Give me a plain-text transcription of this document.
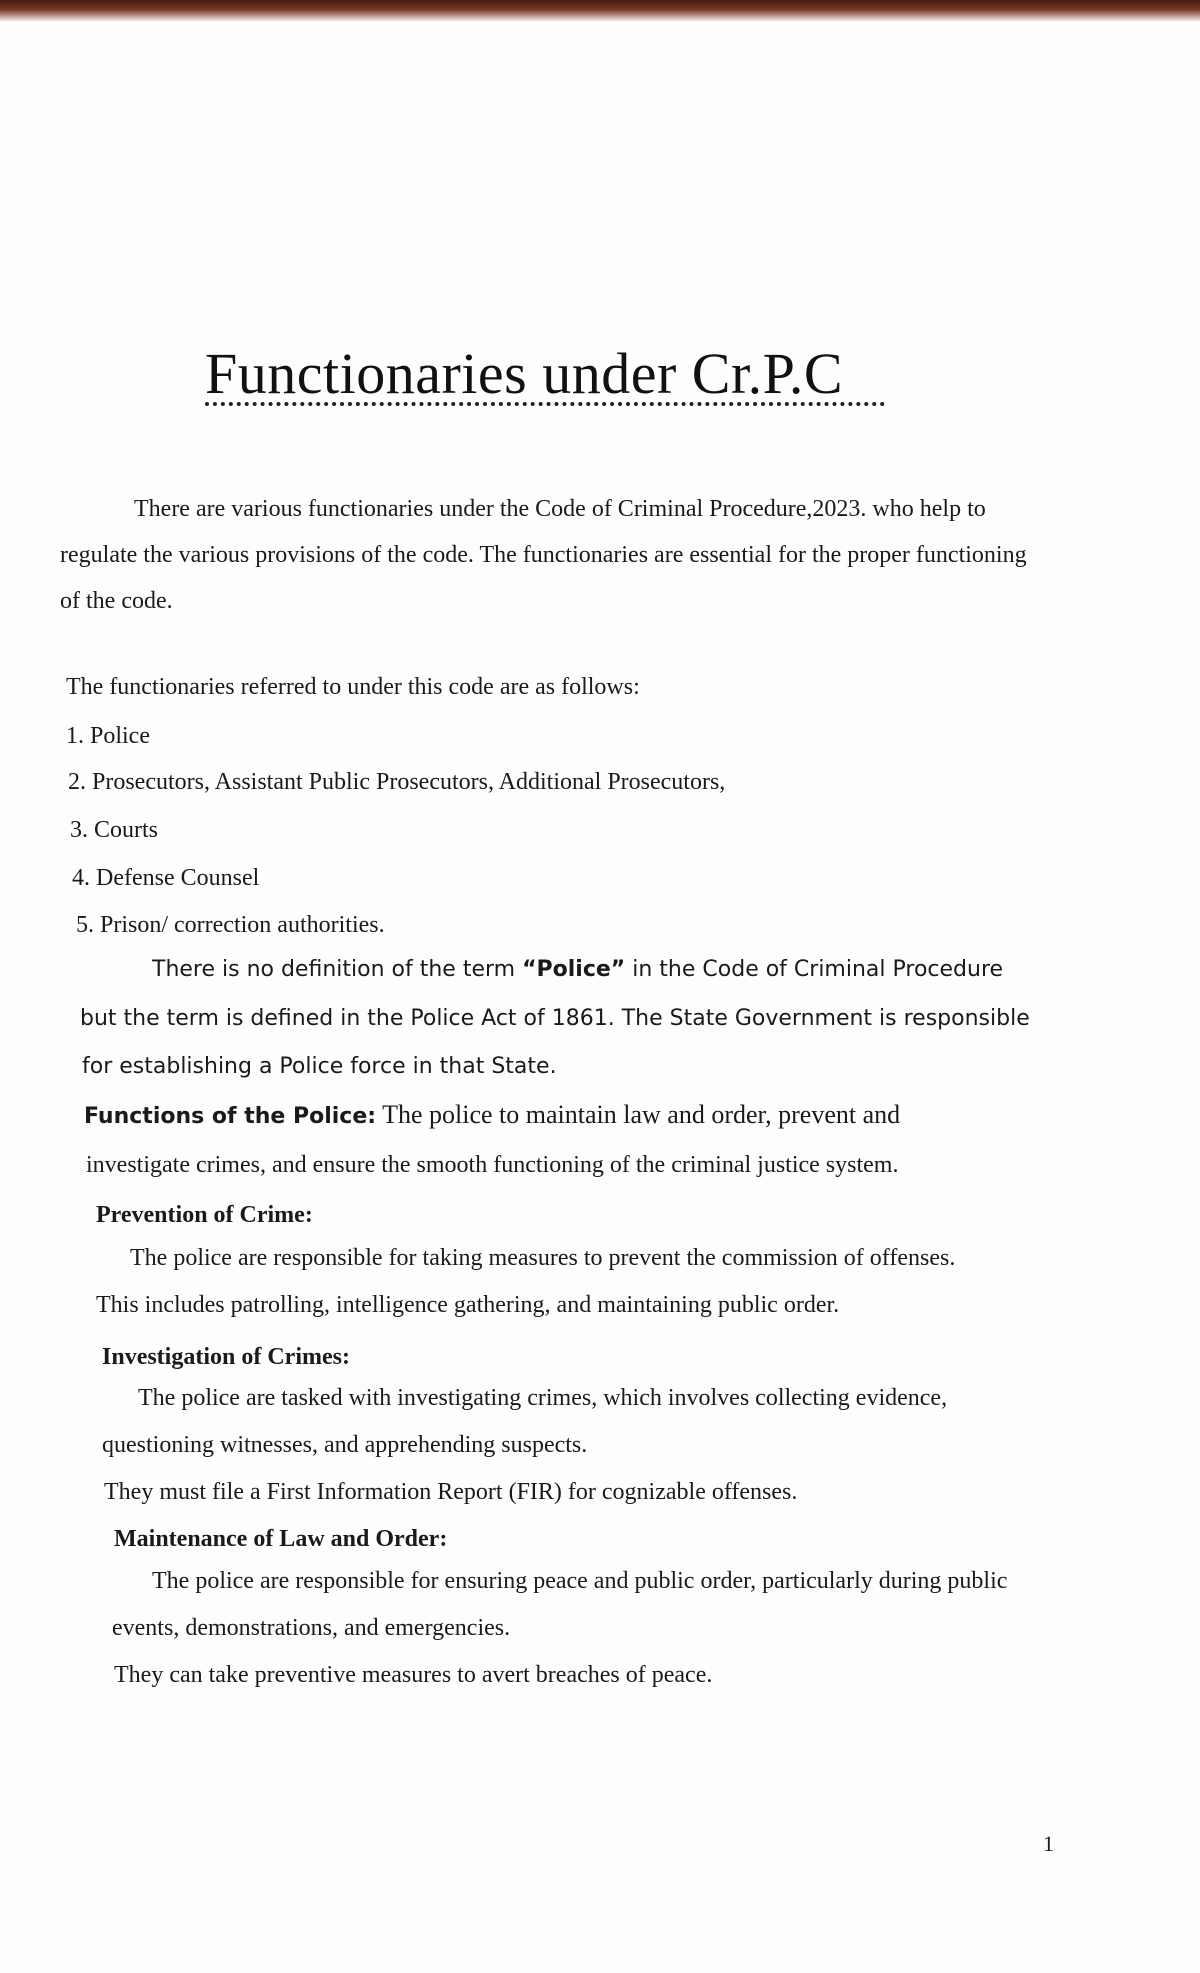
Functionaries under Cr.P.C

There are various functionaries under the Code of Criminal Procedure,2023. who help to regulate the various provisions of the code. The functionaries are essential for the proper functioning of the code.

The functionaries referred to under this code are as follows:

1. Police

2. Prosecutors, Assistant Public Prosecutors, Additional Prosecutors,

3. Courts

4. Defense Counsel

5. Prison/ correction authorities.

There is no definition of the term “Police” in the Code of Criminal Procedure

but the term is defined in the Police Act of 1861. The State Government is responsible

for establishing a Police force in that State.

Functions of the Police: The police to maintain law and order, prevent and

investigate crimes, and ensure the smooth functioning of the criminal justice system.

Prevention of Crime:

The police are responsible for taking measures to prevent the commission of offenses.

This includes patrolling, intelligence gathering, and maintaining public order.

Investigation of Crimes:

The police are tasked with investigating crimes, which involves collecting evidence,

questioning witnesses, and apprehending suspects.

They must file a First Information Report (FIR) for cognizable offenses.

Maintenance of Law and Order:

The police are responsible for ensuring peace and public order, particularly during public

events, demonstrations, and emergencies.

They can take preventive measures to avert breaches of peace.

1
